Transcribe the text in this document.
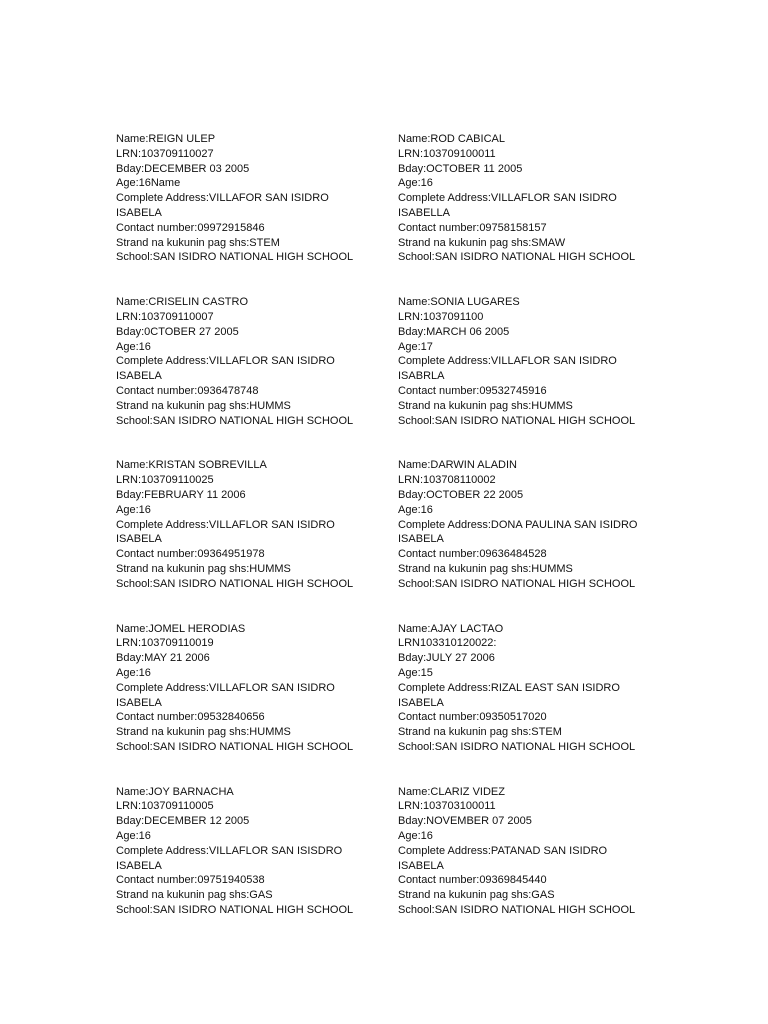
Name:REIGN ULEP
LRN:103709110027
Bday:DECEMBER 03 2005
Age:16Name
Complete Address:VILLAFOR SAN ISIDRO
ISABELA
Contact number:09972915846
Strand na kukunin pag shs:STEM
School:SAN ISIDRO NATIONAL HIGH SCHOOL
Name:CRISELIN CASTRO
LRN:103709110007
Bday:0CTOBER 27 2005
Age:16
Complete Address:VILLAFLOR SAN ISIDRO
ISABELA
Contact number:0936478748
Strand na kukunin pag shs:HUMMS
School:SAN ISIDRO NATIONAL HIGH SCHOOL
Name:KRISTAN SOBREVILLA
LRN:103709110025
Bday:FEBRUARY 11 2006
Age:16
Complete Address:VILLAFLOR SAN ISIDRO
ISABELA
Contact number:09364951978
Strand na kukunin pag shs:HUMMS
School:SAN ISIDRO NATIONAL HIGH SCHOOL
Name:JOMEL HERODIAS
LRN:103709110019
Bday:MAY 21 2006
Age:16
Complete Address:VILLAFLOR SAN ISIDRO
ISABELA
Contact number:09532840656
Strand na kukunin pag shs:HUMMS
School:SAN ISIDRO NATIONAL HIGH SCHOOL
Name:JOY BARNACHA
LRN:103709110005
Bday:DECEMBER 12 2005
Age:16
Complete Address:VILLAFLOR SAN ISISDRO
ISABELA
Contact number:09751940538
Strand na kukunin pag shs:GAS
School:SAN ISIDRO NATIONAL HIGH SCHOOL
Name:ROD CABICAL
LRN:103709100011
Bday:OCTOBER 11 2005
Age:16
Complete Address:VILLAFLOR SAN ISIDRO
ISABELLA
Contact number:09758158157
Strand na kukunin pag shs:SMAW
School:SAN ISIDRO NATIONAL HIGH SCHOOL
Name:SONIA LUGARES
LRN:1037091100
Bday:MARCH 06 2005
Age:17
Complete Address:VILLAFLOR SAN ISIDRO
ISABRLA
Contact number:09532745916
Strand na kukunin pag shs:HUMMS
School:SAN ISIDRO NATIONAL HIGH SCHOOL
Name:DARWIN ALADIN
LRN:103708110002
Bday:OCTOBER 22 2005
Age:16
Complete Address:DONA PAULINA SAN ISIDRO
ISABELA
Contact number:09636484528
Strand na kukunin pag shs:HUMMS
School:SAN ISIDRO NATIONAL HIGH SCHOOL
Name:AJAY LACTAO
LRN103310120022:
Bday:JULY 27 2006
Age:15
Complete Address:RIZAL EAST SAN ISIDRO
ISABELA
Contact number:09350517020
Strand na kukunin pag shs:STEM
School:SAN ISIDRO NATIONAL HIGH SCHOOL
Name:CLARIZ VIDEZ
LRN:103703100011
Bday:NOVEMBER 07 2005
Age:16
Complete Address:PATANAD SAN ISIDRO
ISABELA
Contact number:09369845440
Strand na kukunin pag shs:GAS
School:SAN ISIDRO NATIONAL HIGH SCHOOL
